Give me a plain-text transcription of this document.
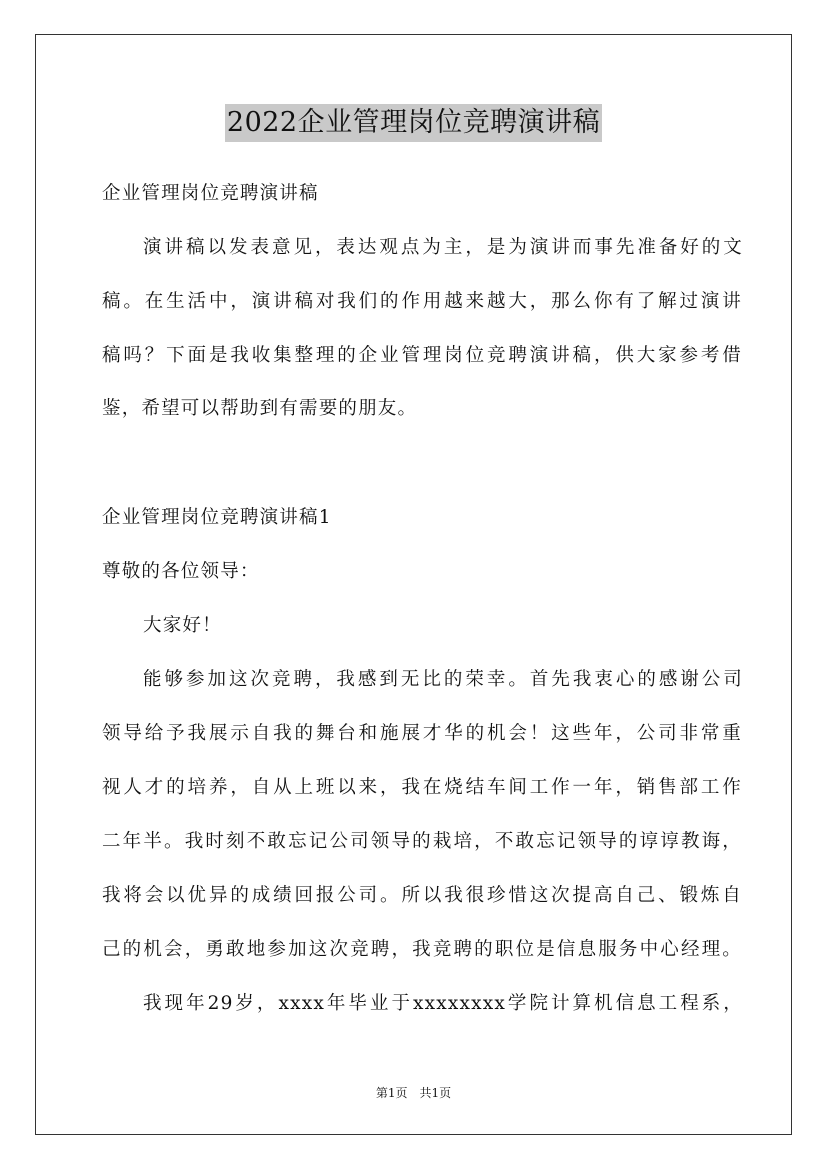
2022企业管理岗位竞聘演讲稿
企业管理岗位竞聘演讲稿
演讲稿以发表意见，表达观点为主，是为演讲而事先准备好的文
稿。在生活中，演讲稿对我们的作用越来越大，那么你有了解过演讲
稿吗？下面是我收集整理的企业管理岗位竞聘演讲稿，供大家参考借
鉴，希望可以帮助到有需要的朋友。
企业管理岗位竞聘演讲稿1
尊敬的各位领导：
大家好！
能够参加这次竞聘，我感到无比的荣幸。首先我衷心的感谢公司
领导给予我展示自我的舞台和施展才华的机会！这些年，公司非常重
视人才的培养，自从上班以来，我在烧结车间工作一年，销售部工作
二年半。我时刻不敢忘记公司领导的栽培，不敢忘记领导的谆谆教诲，
我将会以优异的成绩回报公司。所以我很珍惜这次提高自己、锻炼自
己的机会，勇敢地参加这次竞聘，我竞聘的职位是信息服务中心经理。
我现年29岁，xxxx年毕业于xxxxxxxx学院计算机信息工程系，
第1页　共1页
